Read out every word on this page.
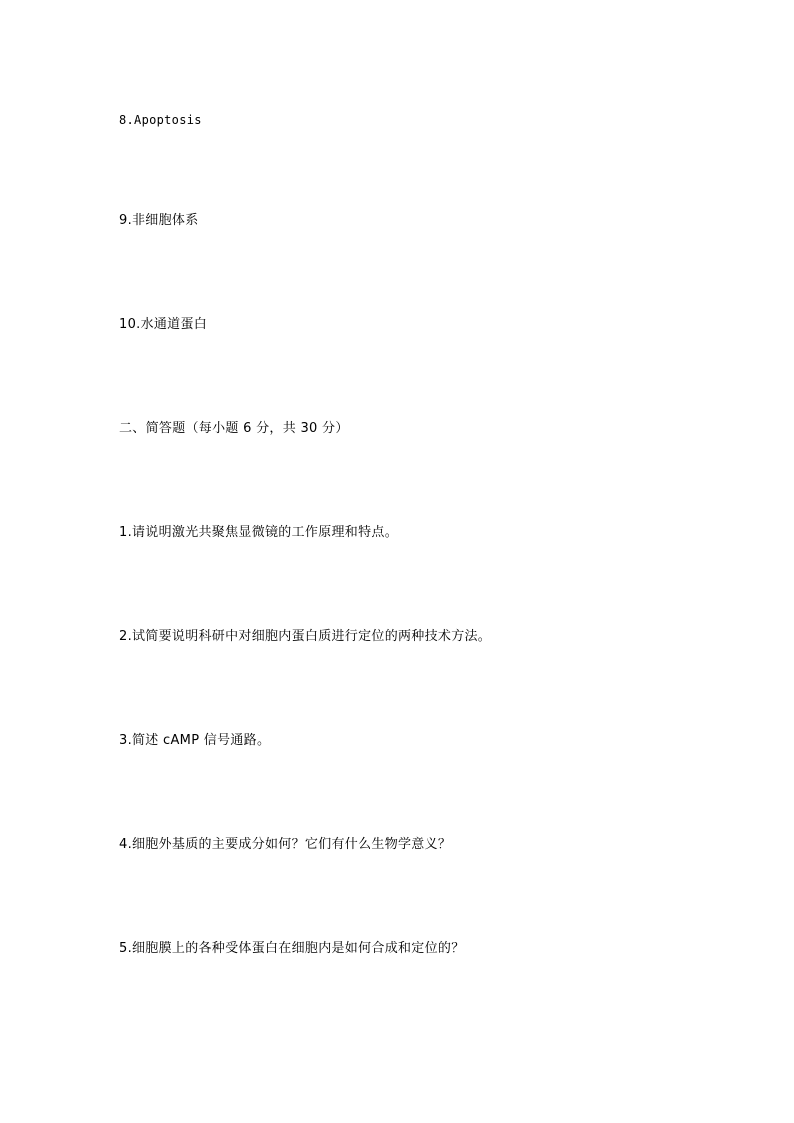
8.Apoptosis
9.非细胞体系
10.水通道蛋白
二、简答题（每小题 6 分，共 30 分）
1.请说明激光共聚焦显微镜的工作原理和特点。
2.试简要说明科研中对细胞内蛋白质进行定位的两种技术方法。
3.简述 cAMP 信号通路。
4.细胞外基质的主要成分如何？它们有什么生物学意义？
5.细胞膜上的各种受体蛋白在细胞内是如何合成和定位的？
